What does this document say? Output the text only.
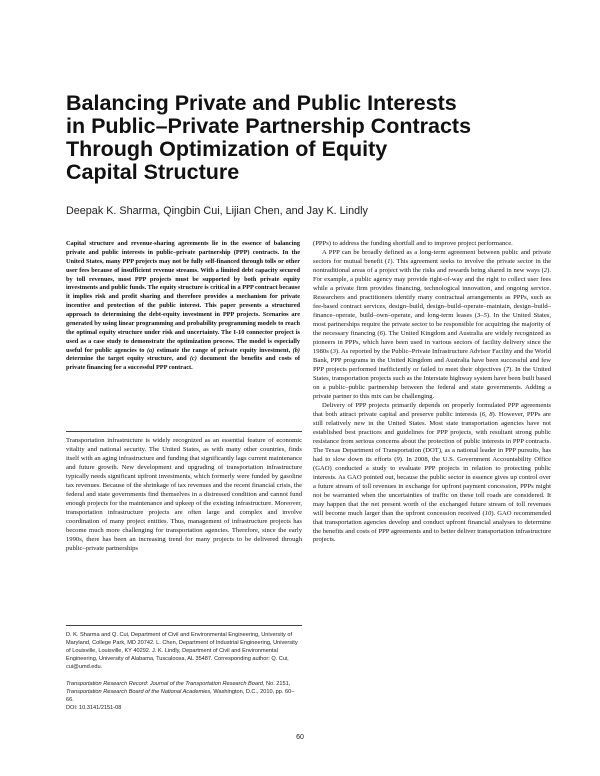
Balancing Private and Public Interests
in Public–Private Partnership Contracts
Through Optimization of Equity
Capital Structure
Deepak K. Sharma, Qingbin Cui, Lijian Chen, and Jay K. Lindly
Capital structure and revenue-sharing agreements lie in the essence of balancing private and public interests in public–private partnership (PPP) contracts. In the United States, many PPP projects may not be fully self-financed through tolls or other user fees because of insufficient revenue streams. With a limited debt capacity secured by toll revenues, most PPP projects must be supported by both private equity investments and public funds. The equity structure is critical in a PPP contract because it implies risk and profit sharing and therefore provides a mechanism for private incentive and protection of the public interest. This paper presents a structured approach to determining the debt-equity investment in PPP projects. Scenarios are generated by using linear programming and probability programming models to reach the optimal equity structure under risk and uncertainty. The I-10 connector project is used as a case study to demonstrate the optimization process. The model is especially useful for public agencies to (a) estimate the range of private equity investment, (b) determine the target equity structure, and (c) document the benefits and costs of private financing for a successful PPP contract.

Transportation infrastructure is widely recognized as an essential feature of economic vitality and national security. The United States, as with many other countries, finds itself with an aging infrastructure and funding that significantly lags current maintenance and future growth. New development and upgrading of transportation infrastructure typically needs significant upfront investments, which formerly were funded by gasoline tax revenues. Because of the shrinkage of tax revenues and the recent financial crisis, the federal and state governments find themselves in a distressed condition and cannot fund enough projects for the maintenance and upkeep of the existing infrastructure. Moreover, transportation infrastructure projects are often large and complex and involve coordination of many project entities. Thus, management of infrastructure projects has become much more challenging for transportation agencies. Therefore, since the early 1990s, there has been an increasing trend for many projects to be delivered through public–private partnerships

D. K. Sharma and Q. Cui, Department of Civil and Environmental Engineering, University of Maryland, College Park, MD 20742. L. Chen, Department of Industrial Engineering, University of Louisville, Louisville, KY 40292. J. K. Lindly, Department of Civil and Environmental Engineering, University of Alabama, Tuscaloosa, AL 35487. Corresponding author: Q. Cui, cui@umd.edu.
Transportation Research Record: Journal of the Transportation Research Board, No. 2151, Transportation Research Board of the National Academies, Washington, D.C., 2010, pp. 60–66.
DOI: 10.3141/2151-08

(PPPs) to address the funding shortfall and to improve project performance.

A PPP can be broadly defined as a long-term agreement between public and private sectors for mutual benefit (1). This agreement seeks to involve the private sector in the nontraditional areas of a project with the risks and rewards being shared in new ways (2). For example, a public agency may provide right-of-way and the right to collect user fees while a private firm provides financing, technological innovation, and ongoing service. Researchers and practitioners identify many contractual arrangements as PPPs, such as fee-based contract services, design–build, design–build–operate–maintain, design–build–finance–operate, build–own–operate, and long-term leases (3–5). In the United States, most partnerships require the private sector to be responsible for acquiring the majority of the necessary financing (6). The United Kingdom and Australia are widely recognized as pioneers in PPPs, which have been used in various sectors of facility delivery since the 1980s (3). As reported by the Public–Private Infrastructure Advisor Facility and the World Bank, PPP programs in the United Kingdom and Australia have been successful and few PPP projects performed inefficiently or failed to meet their objectives (7). In the United States, transportation projects such as the Interstate highway system have been built based on a public–public partnership between the federal and state governments. Adding a private partner to this mix can be challenging.

Delivery of PPP projects primarily depends on properly formulated PPP agreements that both attract private capital and preserve public interests (6, 8). However, PPPs are still relatively new in the United States. Most state transportation agencies have not established best practices and guidelines for PPP projects, with resultant strong public resistance from serious concerns about the protection of public interests in PPP contracts. The Texas Department of Transportation (DOT), as a national leader in PPP pursuits, has had to slow down its efforts (9). In 2008, the U.S. Government Accountability Office (GAO) conducted a study to evaluate PPP projects in relation to protecting public interests. As GAO pointed out, because the public sector in essence gives up control over a future stream of toll revenues in exchange for upfront payment concession, PPPs might not be warranted when the uncertainties of traffic on these toll roads are considered. It may happen that the net present worth of the exchanged future stream of toll revenues will become much larger than the upfront concession received (10). GAO recommended that transportation agencies develop and conduct upfront financial analyses to determine the benefits and costs of PPP agreements and to better deliver transportation infrastructure projects.

60
